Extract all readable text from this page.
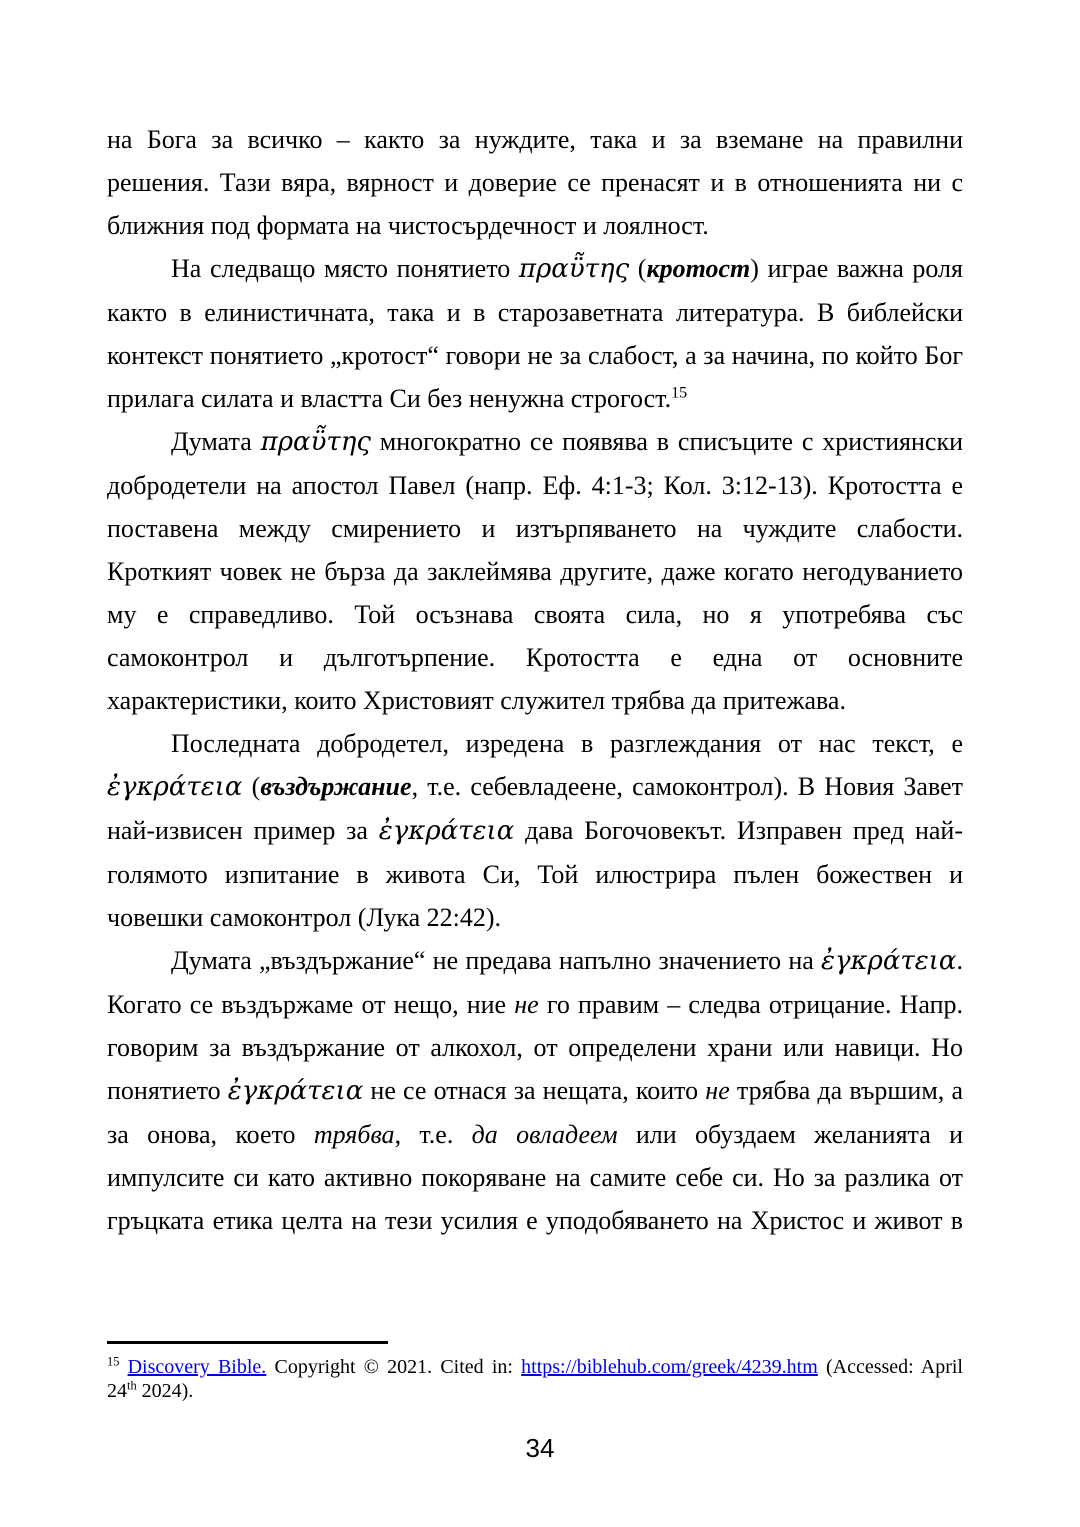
на Бога за всичко – както за нуждите, така и за вземане на правилни решения. Тази вяра, вярност и доверие се пренасят и в отношенията ни с ближния под формата на чистосърдечност и лоялност.

На следващо място понятието πραῧτης (кротост) играе важна роля както в елинистичната, така и в старозаветната литература. В библейски контекст понятието „кротост“ говори не за слабост, а за начина, по който Бог прилага силата и властта Си без ненужна строгост.$^{15}$

Думата πραῧτης многократно се появява в списъците с християнски добродетели на апостол Павел (напр. Еф. 4:1-3; Кол. 3:12-13). Кротостта е поставена между смирението и изтърпяването на чуждите слабости. Кроткият човек не бърза да заклеймява другите, даже когато негодуванието му е справедливо. Той осъзнава своята сила, но я употребява със самоконтрол и дълготърпение. Кротостта е една от основните характеристики, които Христовият служител трябва да притежава.

Последната добродетел, изредена в разглеждания от нас текст, е ἐγκράτεια (въздържание, т.е. себевладеене, самоконтрол). В Новия Завет най-извисен пример за ἐγκράτεια дава Богочовекът. Изправен пред най-голямото изпитание в живота Си, Той илюстрира пълен божествен и човешки самоконтрол (Лука 22:42).

Думата „въздържание“ не предава напълно значението на ἐγκράτεια. Когато се въздържаме от нещо, ние не го правим – следва отрицание. Напр. говорим за въздържание от алкохол, от определени храни или навици. Но понятието ἐγκράτεια не се отнася за нещата, които не трябва да вършим, а за онова, което трябва, т.е. да овладеем или обуздаем желанията и импулсите си като активно покоряване на самите себе си. Но за разлика от гръцката етика целта на тези усилия е уподобяването на Христос и живот в

$^{15}$ Discovery Bible. Copyright © 2021. Cited in: https://biblehub.com/greek/4239.htm (Accessed: April 24th 2024).
34
